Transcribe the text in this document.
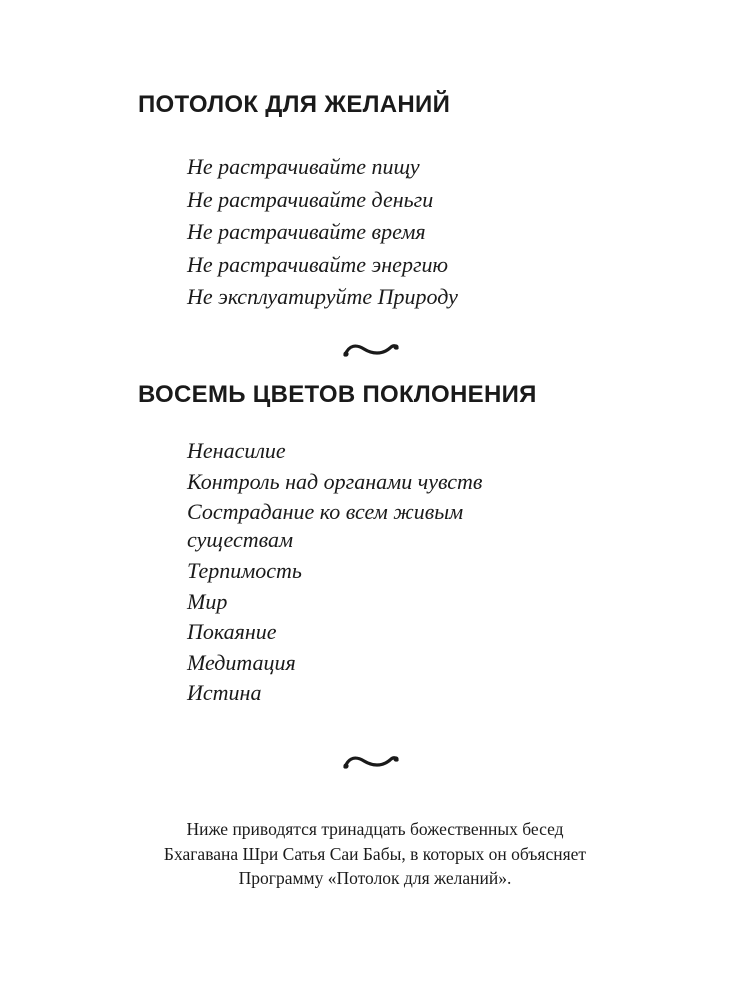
ПОТОЛОК ДЛЯ ЖЕЛАНИЙ
Не растрачивайте пищу
Не растрачивайте деньги
Не растрачивайте время
Не растрачивайте энергию
Не эксплуатируйте Природу
ВОСЕМЬ ЦВЕТОВ ПОКЛОНЕНИЯ
Ненасилие
Контроль над органами чувств
Сострадание ко всем живым существам
Терпимость
Мир
Покаяние
Медитация
Истина

Ниже приводятся тринадцать божественных бесед
Бхагавана Шри Сатья Саи Бабы, в которых он объясняет
Программу «Потолок для желаний».
